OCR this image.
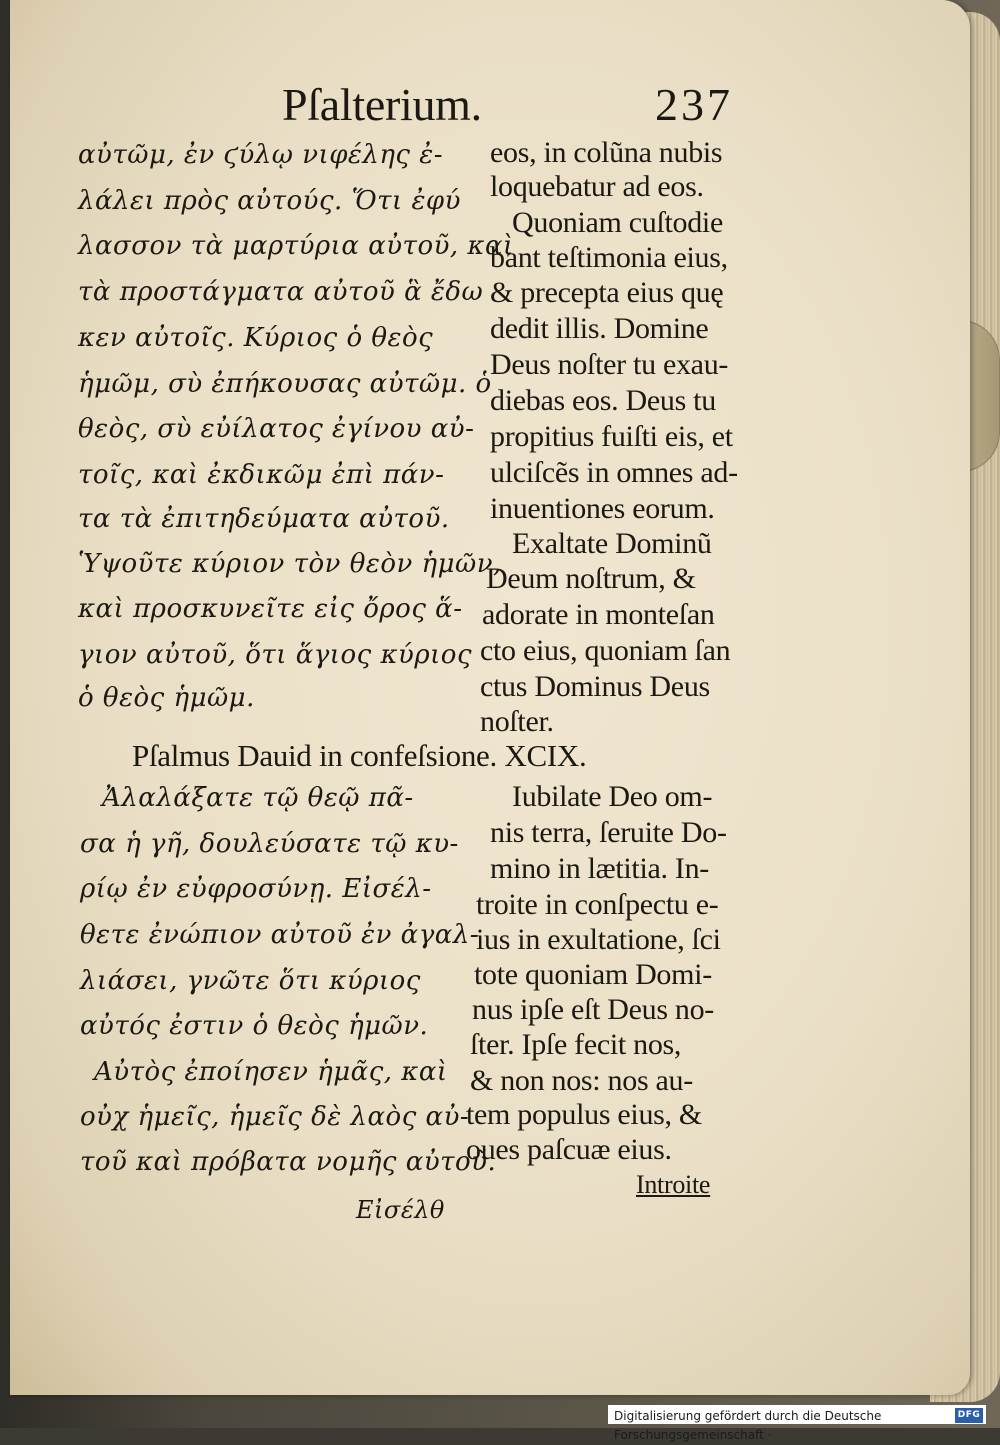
Pſalterium.	237
αὐτῶμ, ἐν ϛύλῳ νιφέλης ἐ-
λάλει πρὸς αὐτούς. Ὅτι ἐφύ
λασσον τὰ μαρτύρια αὐτοῦ, καὶ
τὰ προστάγματα αὐτοῦ ἃ ἔδω
κεν αὐτοῖς. Κύριος ὁ θεὸς
ἡμῶμ, σὺ ἐπήκουσας αὐτῶμ. ὁ
θεὸς, σὺ εὐίλατος ἐγίνου αὐ-
τοῖς, καὶ ἐκδικῶμ ἐπὶ πάν-
τα τὰ ἐπιτηδεύματα αὐτοῦ.
Ὑψοῦτε κύριον τὸν θεὸν ἡμῶν,
καὶ προσκυνεῖτε εἰς ὄρος ἅ-
γιον αὐτοῦ, ὅτι ἅγιος κύριος
ὁ θεὸς ἡμῶμ.
eos, in colũna nubis
loquebatur ad eos.
Quoniam cuſtodie
bant teſtimonia eius,
& precepta eius quę
dedit illis. Domine
Deus noſter tu exau-
diebas eos. Deus tu
propitius fuiſti eis, et
ulciſcẽs in omnes ad-
inuentiones eorum.
Exaltate Dominũ
Deum noſtrum, &
adorate in monteſan
cto eius, quoniam ſan
ctus Dominus Deus
noſter.
Pſalmus Dauid in confeſsione. XCIX.
Ἀλαλάξατε τῷ θεῷ πᾶ-
σα ἡ γῆ, δουλεύσατε τῷ κυ-
ρίῳ ἐν εὐφροσύνῃ. Εἰσέλ-
θετε ἐνώπιον αὐτοῦ ἐν ἀγαλ-
λιάσει, γνῶτε ὅτι κύριος
αὐτός ἐστιν ὁ θεὸς ἡμῶν.
Αὐτὸς ἐποίησεν ἡμᾶς, καὶ
οὐχ ἡμεῖς, ἡμεῖς δὲ λαὸς αὐ-
τοῦ καὶ πρόβατα νομῆς αὐτοῦ.
Iubilate Deo om-
nis terra, ſeruite Do-
mino in lætitia. In-
troite in conſpectu e-
ius in exultatione, ſci
tote quoniam Domi-
nus ipſe eſt Deus no-
ſter. Ipſe fecit nos,
& non nos: nos au-
tem populus eius, &
oues paſcuæ eius.
Introite
Εἰσέλθ
Digitalisierung gefördert durch die Deutsche Forschungsgemeinschaft ·
DFG
